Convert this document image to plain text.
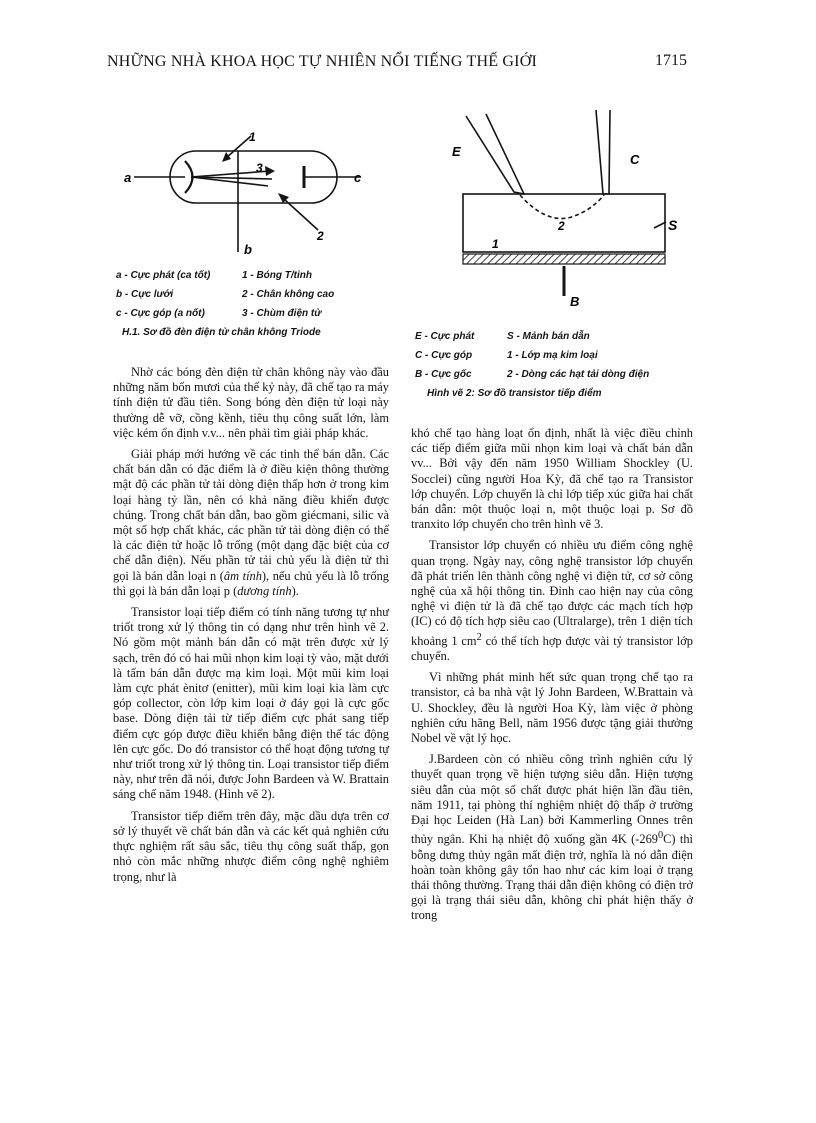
NHỮNG NHÀ KHOA HỌC TỰ NHIÊN NỔI TIẾNG THẾ GIỚI	1715
a	c
b
1
2
3
a - Cực phát (ca tốt)	1 - Bóng T/tinh
b - Cực lưới	2 - Chân không cao
c - Cực góp (a nốt)	3 - Chùm điện tử
H.1. Sơ đồ đèn điện tử chân không Triode
E
C
S
B
1
2
E - Cực phát	S - Mảnh bán dẫn
C - Cực góp	1 - Lớp mạ kim loại
B - Cực gốc	2 - Dòng các hạt tải dòng điện
Hình vẽ 2: Sơ đồ transistor tiếp điểm

Nhờ các bóng đèn điện tử chân không này vào đầu những năm bốn mươi của thế kỷ này, đã chế tạo ra máy tính điện tử đầu tiên. Song bóng đèn điện tử loại này thường dễ vỡ, cồng kềnh, tiêu thụ công suất lớn, làm việc kém ổn định v.v... nên phải tìm giải pháp khác.

Giải pháp mới hướng về các tinh thể bán dẫn. Các chất bán dẫn có đặc điểm là ở điều kiện thông thường mật độ các phần tử tải dòng điện thấp hơn ở trong kim loại hàng tỷ lần, nên có khả năng điều khiển được chúng. Trong chất bán dẫn, bao gồm giécmani, silic và một số hợp chất khác, các phần tử tải dòng điện có thể là các điện tử hoặc lỗ trống (một dạng đặc biệt của cơ chế dẫn điện). Nếu phần tử tải chủ yếu là điện tử thì gọi là bán dẫn loại n (âm tính), nếu chủ yếu là lỗ trống thì gọi là bán dẫn loại p (dương tính).

Transistor loại tiếp điểm có tính năng tương tự như triốt trong xử lý thông tin có dạng như trên hình vẽ 2. Nó gồm một mảnh bán dẫn có mặt trên được xử lý sạch, trên đó có hai mũi nhọn kim loại tỳ vào, mặt dưới là tấm bán dẫn được mạ kim loại. Một mũi kim loại làm cực phát ènitơ (enitter), mũi kim loại kia làm cực góp collector, còn lớp kim loại ở đáy gọi là cực gốc base. Dòng điện tải từ tiếp điểm cực phát sang tiếp điểm cực góp được điều khiển bằng điện thế tác động lên cực gốc. Do đó transistor có thể hoạt động tương tự như triốt trong xử lý thông tin. Loại transistor tiếp điểm này, như trên đã nói, được John Bardeen và W. Brattain sáng chế năm 1948. (Hình vẽ 2).

Transistor tiếp điểm trên đây, mặc dầu dựa trên cơ sở lý thuyết về chất bán dẫn và các kết quả nghiên cứu thực nghiệm rất sâu sắc, tiêu thụ công suất thấp, gọn nhỏ còn mắc những nhược điểm công nghệ nghiêm trọng, như là

khó chế tạo hàng loạt ổn định, nhất là việc điều chỉnh các tiếp điểm giữa mũi nhọn kim loại và chất bán dẫn vv... Bởi vậy đến năm 1950 William Shockley (U. Socclei) cũng người Hoa Kỳ, đã chế tạo ra Transistor lớp chuyển. Lớp chuyển là chỉ lớp tiếp xúc giữa hai chất bán dẫn: một thuộc loại n, một thuộc loại p. Sơ đồ tranxito lớp chuyển cho trên hình vẽ 3.

Transistor lớp chuyển có nhiều ưu điểm công nghệ quan trọng. Ngày nay, công nghệ transistor lớp chuyển đã phát triển lên thành công nghệ vi điện tử, cơ sở công nghệ của xã hội thông tin. Đỉnh cao hiện nay của công nghệ vi điện tử là đã chế tạo được các mạch tích hợp (IC) có độ tích hợp siêu cao (Ultralarge), trên 1 diện tích khoảng 1 $cm^2$ có thể tích hợp được vài tỷ transistor lớp chuyển.

Vì những phát minh hết sức quan trọng chế tạo ra transistor, cả ba nhà vật lý John Bardeen, W.Brattain và U. Shockley, đều là người Hoa Kỳ, làm việc ở phòng nghiên cứu hãng Bell, năm 1956 được tặng giải thưởng Nobel về vật lý học.

J.Bardeen còn có nhiều công trình nghiên cứu lý thuyết quan trọng về hiện tượng siêu dẫn. Hiện tượng siêu dẫn của một số chất được phát hiện lần đầu tiên, năm 1911, tại phòng thí nghiệm nhiệt độ thấp ở trường Đại học Leiden (Hà Lan) bởi Kammerling Onnes trên thủy ngân. Khi hạ nhiệt độ xuống gần 4K $(-269^0C)$ thì bỗng dưng thủy ngân mất điện trở, nghĩa là nó dẫn điện hoàn toàn không gây tổn hao như các kim loại ở trạng thái thông thường. Trạng thái dẫn điện không có điện trở gọi là trạng thái siêu dẫn, không chỉ phát hiện thấy ở trong
